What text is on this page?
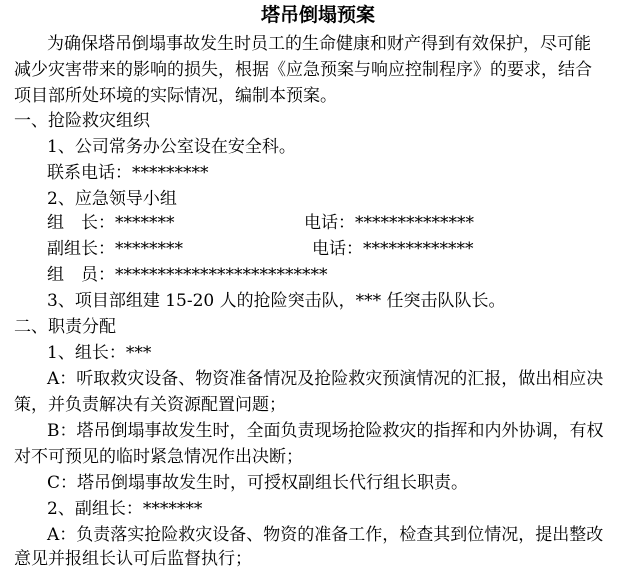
塔吊倒塌预案
为确保塔吊倒塌事故发生时员工的生命健康和财产得到有效保护，尽可能
减少灾害带来的影响的损失，根据《应急预案与响应控制程序》的要求，结合
项目部所处环境的实际情况，编制本预案。
一、抢险救灾组织
1、公司常务办公室设在安全科。
联系电话：*********
2、应急领导小组
组　长：*******	电话：**************
副组长：********	电话：*************
组　员：*************************
3、项目部组建 15-20 人的抢险突击队，*** 任突击队队长。
二、职责分配
1、组长：***
A：听取救灾设备、物资准备情况及抢险救灾预演情况的汇报，做出相应决
策，并负责解决有关资源配置问题；
B：塔吊倒塌事故发生时，全面负责现场抢险救灾的指挥和内外协调，有权
对不可预见的临时紧急情况作出决断；
C：塔吊倒塌事故发生时，可授权副组长代行组长职责。
2、副组长：*******
A：负责落实抢险救灾设备、物资的准备工作，检查其到位情况，提出整改
意见并报组长认可后监督执行；
